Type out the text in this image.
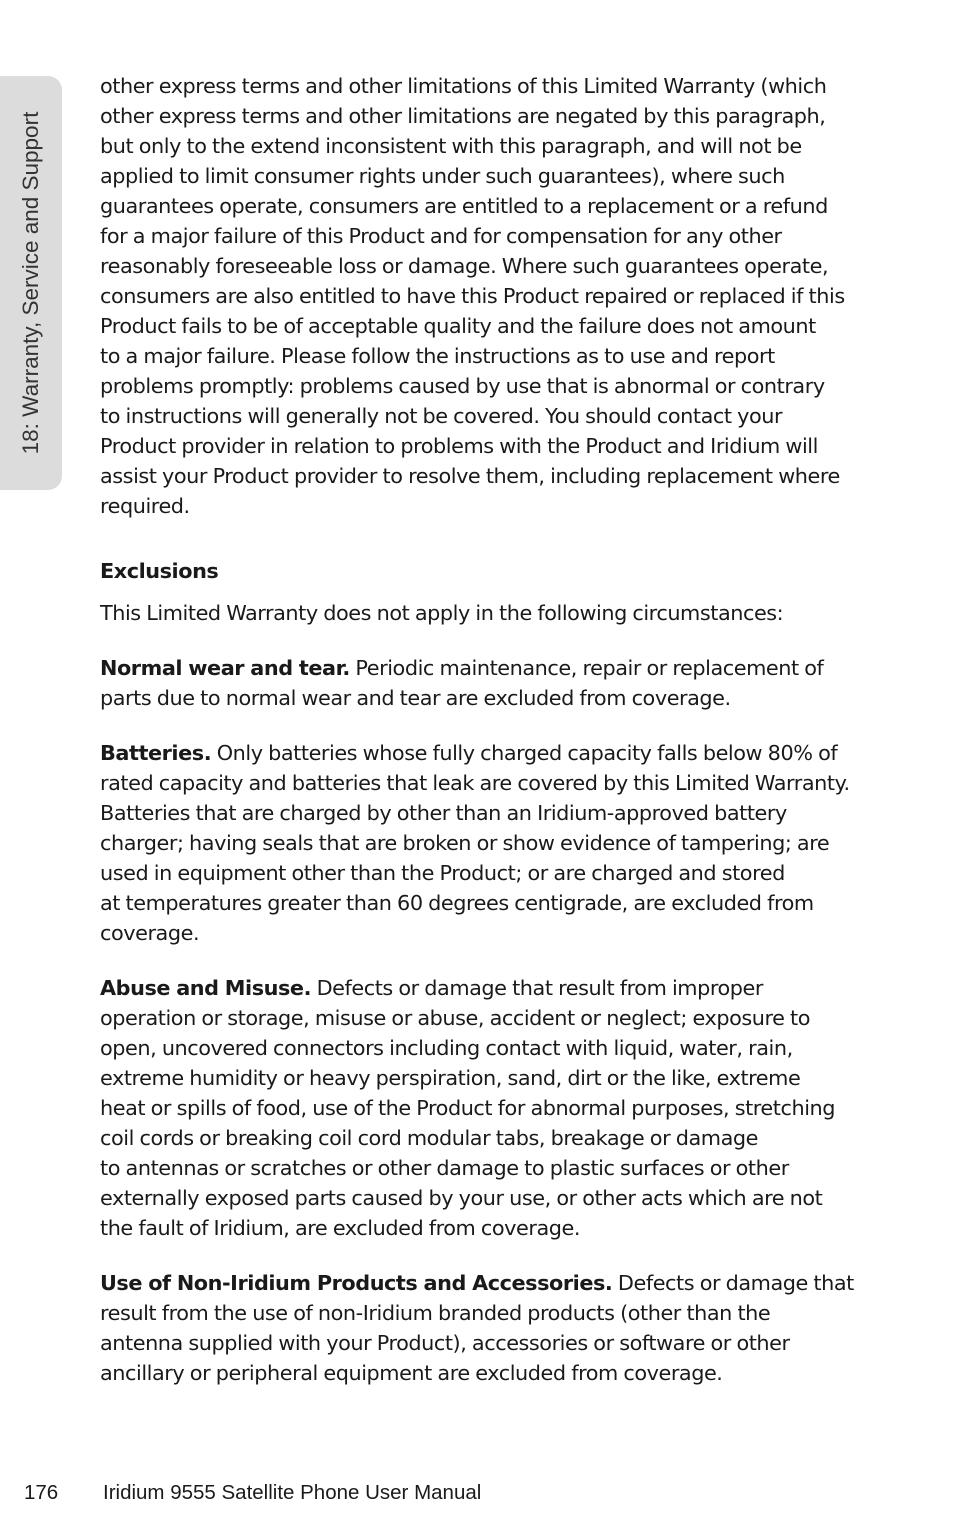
18: Warranty, Service and Support

other express terms and other limitations of this Limited Warranty (which
other express terms and other limitations are negated by this paragraph,
but only to the extend inconsistent with this paragraph, and will not be
applied to limit consumer rights under such guarantees), where such
guarantees operate, consumers are entitled to a replacement or a refund
for a major failure of this Product and for compensation for any other
reasonably foreseeable loss or damage. Where such guarantees operate,
consumers are also entitled to have this Product repaired or replaced if this
Product fails to be of acceptable quality and the failure does not amount
to a major failure. Please follow the instructions as to use and report
problems promptly: problems caused by use that is abnormal or contrary
to instructions will generally not be covered. You should contact your
Product provider in relation to problems with the Product and Iridium will
assist your Product provider to resolve them, including replacement where
required.

Exclusions

This Limited Warranty does not apply in the following circumstances:

Normal wear and tear. Periodic maintenance, repair or replacement of
parts due to normal wear and tear are excluded from coverage.

Batteries. Only batteries whose fully charged capacity falls below 80% of
rated capacity and batteries that leak are covered by this Limited Warranty.
Batteries that are charged by other than an Iridium-approved battery
charger; having seals that are broken or show evidence of tampering; are
used in equipment other than the Product; or are charged and stored
at temperatures greater than 60 degrees centigrade, are excluded from
coverage.

Abuse and Misuse. Defects or damage that result from improper
operation or storage, misuse or abuse, accident or neglect; exposure to
open, uncovered connectors including contact with liquid, water, rain,
extreme humidity or heavy perspiration, sand, dirt or the like, extreme
heat or spills of food, use of the Product for abnormal purposes, stretching
coil cords or breaking coil cord modular tabs, breakage or damage
to antennas or scratches or other damage to plastic surfaces or other
externally exposed parts caused by your use, or other acts which are not
the fault of Iridium, are excluded from coverage.

Use of Non-Iridium Products and Accessories. Defects or damage that
result from the use of non-Iridium branded products (other than the
antenna supplied with your Product), accessories or software or other
ancillary or peripheral equipment are excluded from coverage.

176 Iridium 9555 Satellite Phone User Manual
